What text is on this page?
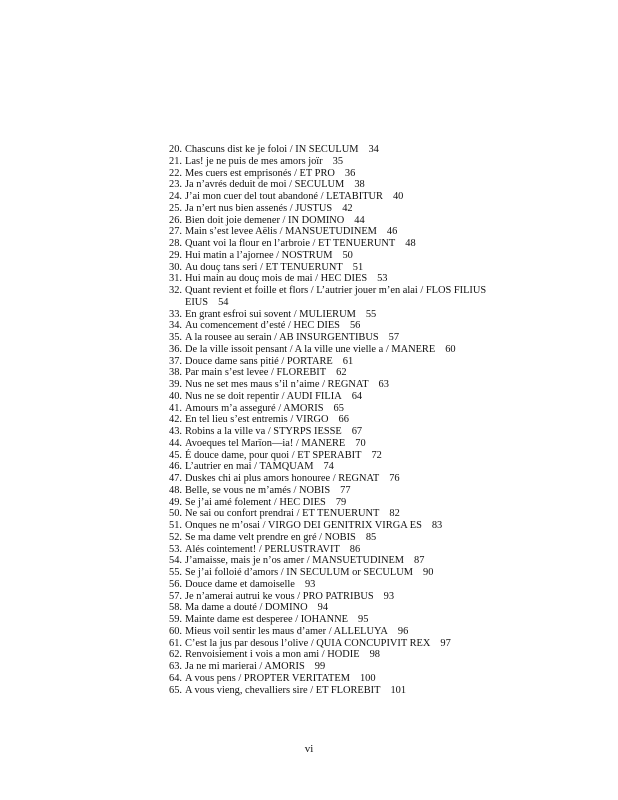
20. Chascuns dist ke je foloi / IN SECULUM 34
21. Las! je ne puis de mes amors joïr 35
22. Mes cuers est emprisonés / ET PRO 36
23. Ja n’avrés deduit de moi / SECULUM 38
24. J’ai mon cuer del tout abandoné / LETABITUR 40
25. Ja n’ert nus bien assenés / JUSTUS 42
26. Bien doit joie demener / IN DOMINO 44
27. Main s’est levee Aëlis / MANSUETUDINEM 46
28. Quant voi la flour en l’arbroie / ET TENUERUNT 48
29. Hui matin a l’ajornee / NOSTRUM 50
30. Au douç tans seri / ET TENUERUNT 51
31. Hui main au douç mois de mai / HEC DIES 53
32. Quant revient et foille et flors / L’autrier jouer m’en alai / FLOS FILIUS EIUS 54
33. En grant esfroi sui sovent / MULIERUM 55
34. Au comencement d’esté / HEC DIES 56
35. A la rousee au serain / AB INSURGENTIBUS 57
36. De la ville issoit pensant / A la ville une vielle a / MANERE 60
37. Douce dame sans pitié / PORTARE 61
38. Par main s’est levee / FLOREBIT 62
39. Nus ne set mes maus s’il n’aime / REGNAT 63
40. Nus ne se doit repentir / AUDI FILIA 64
41. Amours m’a asseguré / AMORIS 65
42. En tel lieu s’est entremis / VIRGO 66
43. Robins a la ville va / STYRPS IESSE 67
44. Avoeques tel Marïon—ia! / MANERE 70
45. É douce dame, pour quoi / ET SPERABIT 72
46. L’autrier en mai / TAMQUAM 74
47. Duskes chi ai plus amors honouree / REGNAT 76
48. Belle, se vous ne m’amés / NOBIS 77
49. Se j’ai amé folement / HEC DIES 79
50. Ne sai ou confort prendrai / ET TENUERUNT 82
51. Onques ne m’osai / VIRGO DEI GENITRIX VIRGA ES 83
52. Se ma dame velt prendre en gré / NOBIS 85
53. Alés cointement! / PERLUSTRAVIT 86
54. J’amaisse, mais je n’os amer / MANSUETUDINEM 87
55. Se j’ai folloié d’amors / IN SECULUM or SECULUM 90
56. Douce dame et damoiselle 93
57. Je n’amerai autrui ke vous / PRO PATRIBUS 93
58. Ma dame a douté / DOMINO 94
59. Mainte dame est desperee / IOHANNE 95
60. Mieus voil sentir les maus d’amer / ALLELUYA 96
61. C’est la jus par desous l’olive / QUIA CONCUPIVIT REX 97
62. Renvoisiement i vois a mon ami / HODIE 98
63. Ja ne mi marierai / AMORIS 99
64. A vous pens / PROPTER VERITATEM 100
65. A vous vieng, chevalliers sire / ET FLOREBIT 101
vi
